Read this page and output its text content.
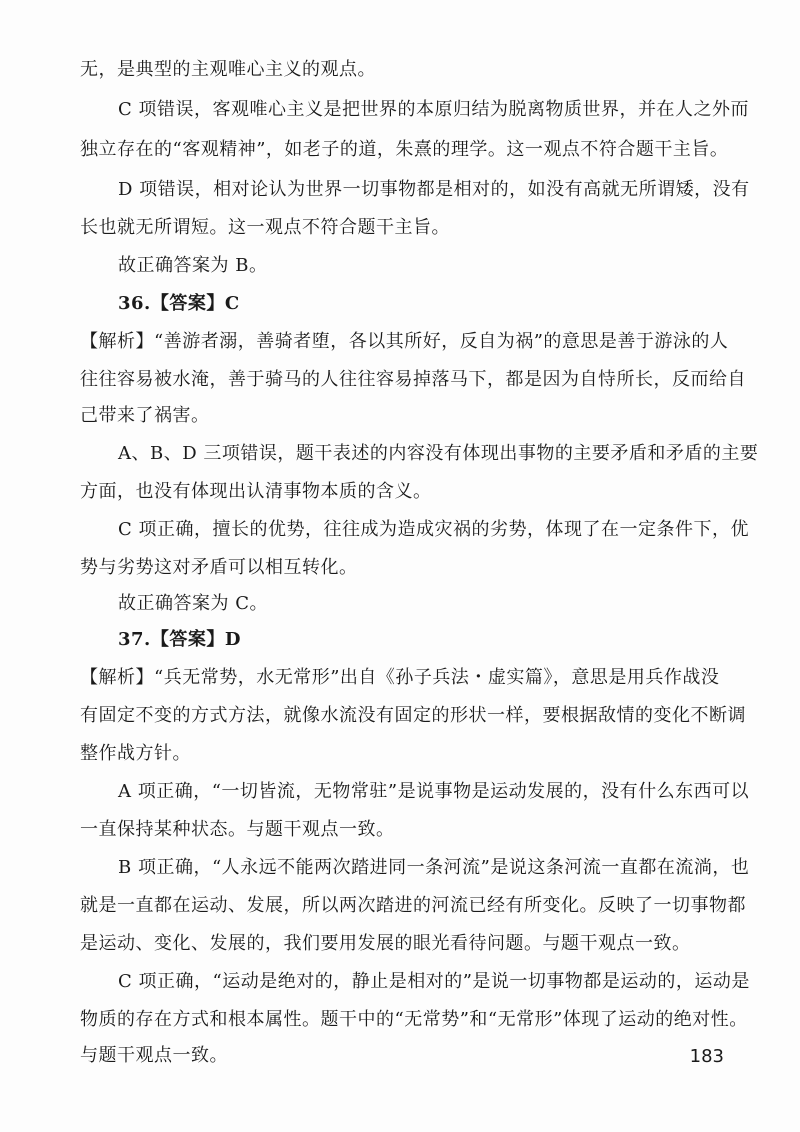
无，是典型的主观唯心主义的观点。
C 项错误，客观唯心主义是把世界的本原归结为脱离物质世界，并在人之外而
独立存在的“客观精神”，如老子的道，朱熹的理学。这一观点不符合题干主旨。
D 项错误，相对论认为世界一切事物都是相对的，如没有高就无所谓矮，没有
长也就无所谓短。这一观点不符合题干主旨。
故正确答案为 B。
36.【答案】C
【解析】“善游者溺，善骑者堕，各以其所好，反自为祸”的意思是善于游泳的人
往往容易被水淹，善于骑马的人往往容易掉落马下，都是因为自恃所长，反而给自
己带来了祸害。
A、B、D 三项错误，题干表述的内容没有体现出事物的主要矛盾和矛盾的主要
方面，也没有体现出认清事物本质的含义。
C 项正确，擅长的优势，往往成为造成灾祸的劣势，体现了在一定条件下，优
势与劣势这对矛盾可以相互转化。
故正确答案为 C。
37.【答案】D
【解析】“兵无常势，水无常形”出自《孙子兵法・虚实篇》，意思是用兵作战没
有固定不变的方式方法，就像水流没有固定的形状一样，要根据敌情的变化不断调
整作战方针。
A 项正确，“一切皆流，无物常驻”是说事物是运动发展的，没有什么东西可以
一直保持某种状态。与题干观点一致。
B 项正确，“人永远不能两次踏进同一条河流”是说这条河流一直都在流淌，也
就是一直都在运动、发展，所以两次踏进的河流已经有所变化。反映了一切事物都
是运动、变化、发展的，我们要用发展的眼光看待问题。与题干观点一致。
C 项正确，“运动是绝对的，静止是相对的”是说一切事物都是运动的，运动是
物质的存在方式和根本属性。题干中的“无常势”和“无常形”体现了运动的绝对性。
与题干观点一致。	183
